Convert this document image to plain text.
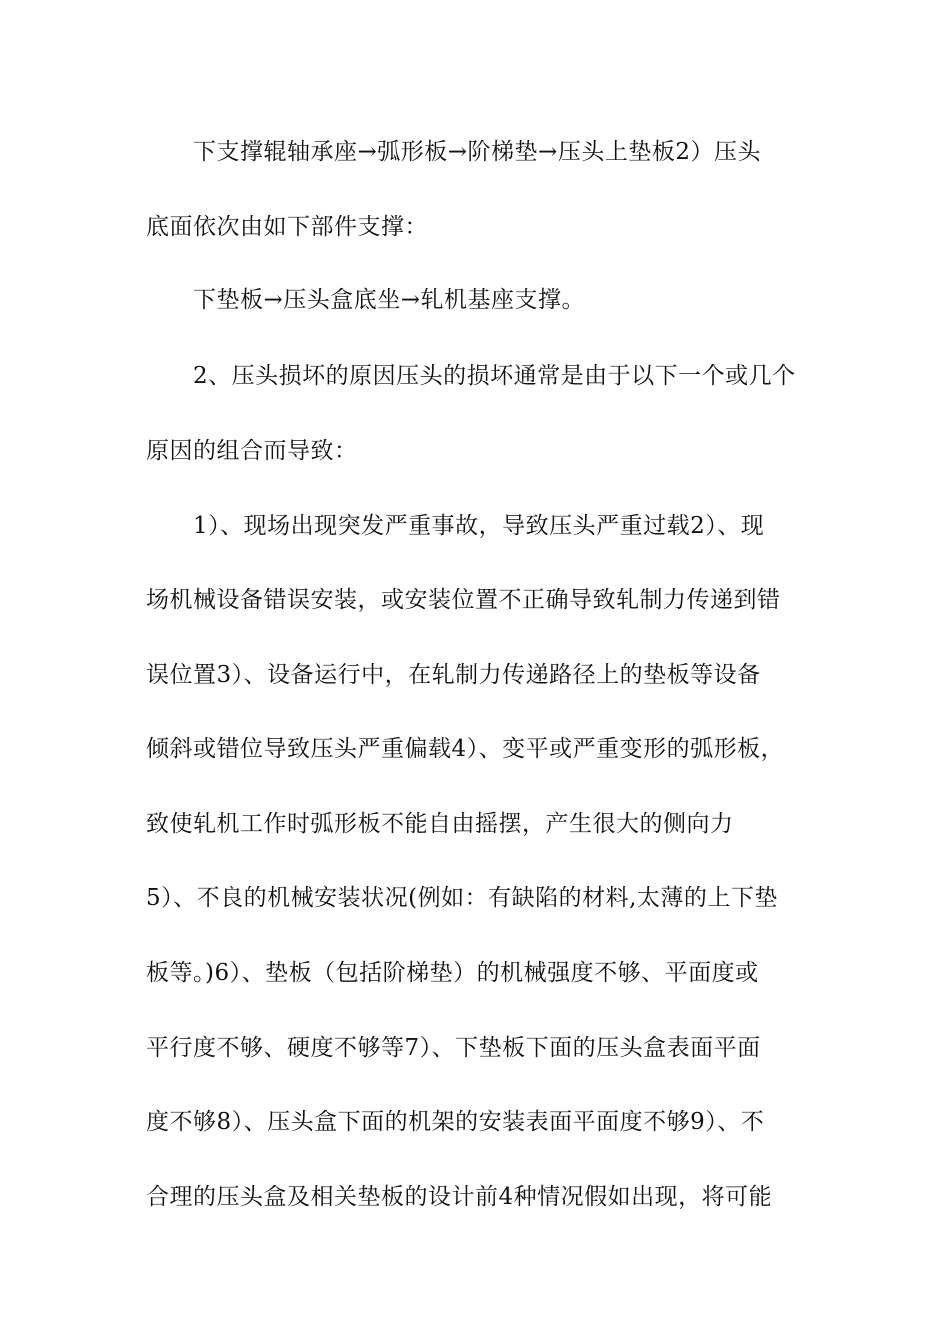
下支撑辊轴承座→弧形板→阶梯垫→压头上垫板2）压头
底面依次由如下部件支撑：
下垫板→压头盒底坐→轧机基座支撑。
2、压头损坏的原因压头的损坏通常是由于以下一个或几个
原因的组合而导致：
1）、现场出现突发严重事故，导致压头严重过载2）、现
场机械设备错误安装，或安装位置不正确导致轧制力传递到错
误位置3）、设备运行中，在轧制力传递路径上的垫板等设备
倾斜或错位导致压头严重偏载4）、变平或严重变形的弧形板，
致使轧机工作时弧形板不能自由摇摆，产生很大的侧向力
5）、不良的机械安装状况(例如：有缺陷的材料,太薄的上下垫
板等。)6）、垫板（包括阶梯垫）的机械强度不够、平面度或
平行度不够、硬度不够等7）、下垫板下面的压头盒表面平面
度不够8）、压头盒下面的机架的安装表面平面度不够9）、不
合理的压头盒及相关垫板的设计前4种情况假如出现，将可能
